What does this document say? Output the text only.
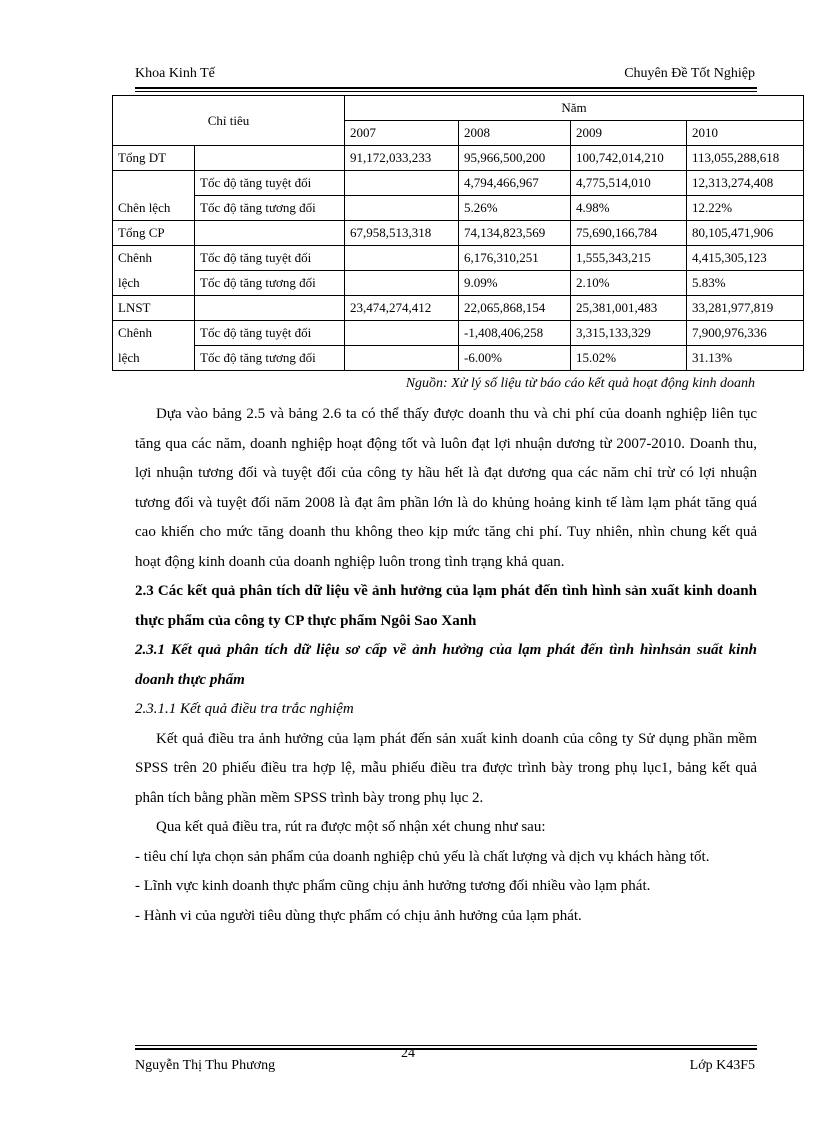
Khoa Kinh Tế	Chuyên Đề Tốt Nghiệp
Chỉ tiêu		Năm			
		2007	2008	2009	2010
Tổng DT		91,172,033,233	95,966,500,200	100,742,014,210	113,055,288,618
Chên lệch	Tốc độ tăng tuyệt đối		4,794,466,967	4,775,514,010	12,313,274,408
	Tốc độ tăng tương đối		5.26%	4.98%	12.22%
Tổng CP		67,958,513,318	74,134,823,569	75,690,166,784	80,105,471,906
Chênh	Tốc độ tăng tuyệt đối		6,176,310,251	1,555,343,215	4,415,305,123
lệch	Tốc độ tăng tương đối		9.09%	2.10%	5.83%
LNST		23,474,274,412	22,065,868,154	25,381,001,483	33,281,977,819
Chênh	Tốc độ tăng tuyệt đối		-1,408,406,258	3,315,133,329	7,900,976,336
lệch	Tốc độ tăng tương đối		-6.00%	15.02%	31.13%
Nguồn: Xử lý số liệu từ báo cáo kết quả hoạt động kinh doanh

Dựa vào bảng 2.5 và bảng 2.6 ta có thể thấy được doanh thu và chi phí của doanh nghiệp liên tục tăng qua các năm, doanh nghiệp hoạt động tốt và luôn đạt lợi nhuận dương từ 2007-2010. Doanh thu, lợi nhuận tương đối và tuyệt đối của công ty hầu hết là đạt dương qua các năm chỉ trừ có lợi nhuận tương đối và tuyệt đối năm 2008 là đạt âm phần lớn là do khủng hoảng kinh tế làm lạm phát tăng quá cao khiến cho mức tăng doanh thu không theo kịp mức tăng chi phí. Tuy nhiên, nhìn chung kết quả hoạt động kinh doanh của doanh nghiệp luôn trong tình trạng khả quan.

2.3 Các kết quả phân tích dữ liệu về ảnh hưởng của lạm phát đến tình hình sản xuất kinh doanh thực phẩm của công ty CP thực phẩm Ngôi Sao Xanh

2.3.1 Kết quả phân tích dữ liệu sơ cấp về ảnh hưởng của lạm phát đến tình hìnhsản suất kinh doanh thực phẩm

2.3.1.1 Kết quả điều tra trắc nghiệm

Kết quả điều tra ảnh hưởng của lạm phát đến sản xuất kinh doanh của công ty Sử dụng phần mềm SPSS trên 20 phiếu điều tra hợp lệ, mẫu phiếu điều tra được trình bày trong phụ lục1, bảng kết quả phân tích bằng phần mềm SPSS trình bày trong phụ lục 2.

Qua kết quả điều tra, rút ra được một số nhận xét chung như sau:

- tiêu chí lựa chọn sản phẩm của doanh nghiệp chủ yếu là chất lượng và dịch vụ khách hàng tốt.

- Lĩnh vực kinh doanh thực phẩm cũng chịu ảnh hưởng tương đối nhiều vào lạm phát.

- Hành vi của người tiêu dùng thực phẩm có chịu ảnh hưởng của lạm phát.

24
Nguyễn Thị Thu Phương	Lớp K43F5
